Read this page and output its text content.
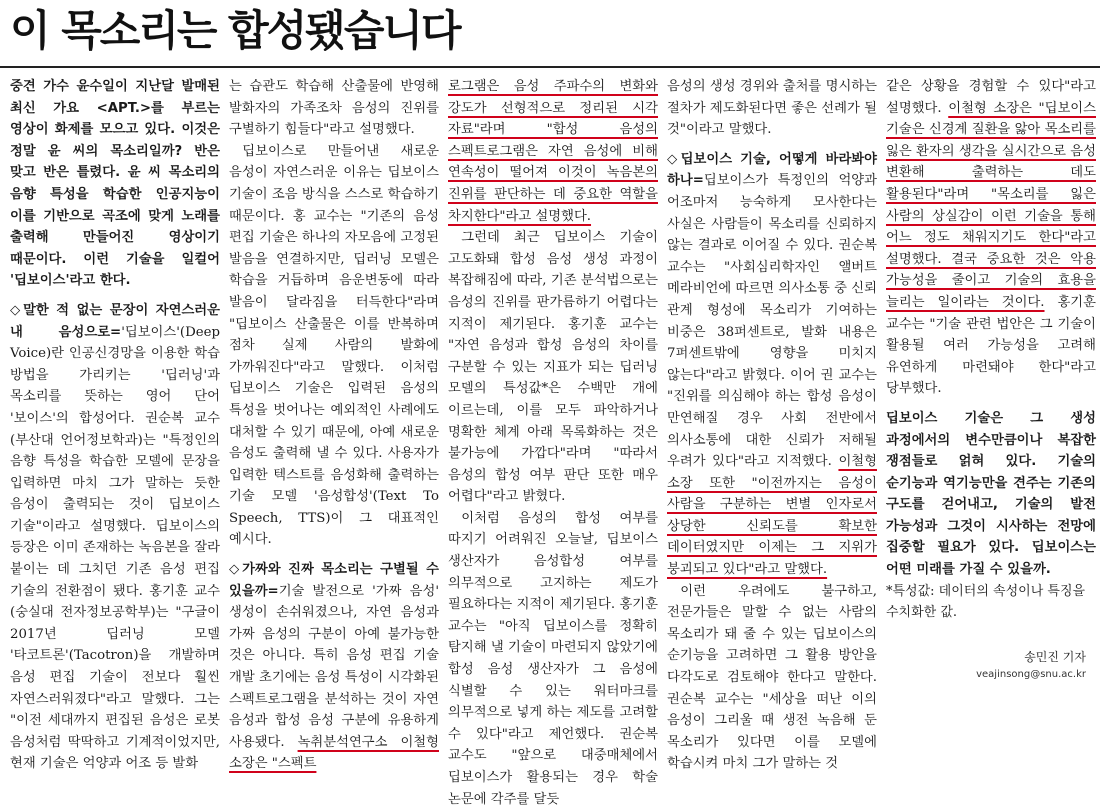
이 목소리는 합성됐습니다

중견 가수 윤수일이 지난달 발매된 최신 가요 <APT.>를 부르는 영상이 화제를 모으고 있다. 이것은 정말 윤 씨의 목소리일까? 반은 맞고 반은 틀렸다. 윤 씨 목소리의 음향 특성을 학습한 인공지능이 이를 기반으로 곡조에 맞게 노래를 출력해 만들어진 영상이기 때문이다. 이런 기술을 일컬어 '딥보이스'라고 한다.

◇말한 적 없는 문장이 자연스러운 내 음성으로='딥보이스'(Deep Voice)란 인공신경망을 이용한 학습 방법을 가리키는 '딥러닝'과 목소리를 뜻하는 영어 단어 '보이스'의 합성어다. 권순복 교수(부산대 언어정보학과)는 "특정인의 음향 특성을 학습한 모델에 문장을 입력하면 마치 그가 말하는 듯한 음성이 출력되는 것이 딥보이스 기술"이라고 설명했다. 딥보이스의 등장은 이미 존재하는 녹음본을 잘라 붙이는 데 그치던 기존 음성 편집 기술의 전환점이 됐다. 홍기훈 교수(숭실대 전자정보공학부)는 "구글이 2017년 딥러닝 모델 '타코트론'(Tacotron)을 개발하며 음성 편집 기술이 전보다 훨씬 자연스러워졌다"라고 말했다. 그는 "이전 세대까지 편집된 음성은 로봇 음성처럼 딱딱하고 기계적이었지만, 현재 기술은 억양과 어조 등 발화

는 습관도 학습해 산출물에 반영해 발화자의 가족조차 음성의 진위를 구별하기 힘들다"라고 설명했다.

딥보이스로 만들어낸 새로운 음성이 자연스러운 이유는 딥보이스 기술이 조음 방식을 스스로 학습하기 때문이다. 홍 교수는 "기존의 음성 편집 기술은 하나의 자모음에 고정된 발음을 연결하지만, 딥러닝 모델은 학습을 거듭하며 음운변동에 따라 발음이 달라짐을 터득한다"라며 "딥보이스 산출물은 이를 반복하며 점차 실제 사람의 발화에 가까워진다"라고 말했다. 이처럼 딥보이스 기술은 입력된 음성의 특성을 벗어나는 예외적인 사례에도 대처할 수 있기 때문에, 아예 새로운 음성도 출력해 낼 수 있다. 사용자가 입력한 텍스트를 음성화해 출력하는 기술 모델 '음성합성'(Text To Speech, TTS)이 그 대표적인 예시다.

◇가짜와 진짜 목소리는 구별될 수 있을까=기술 발전으로 '가짜 음성' 생성이 손쉬워졌으나, 자연 음성과 가짜 음성의 구분이 아예 불가능한 것은 아니다. 특히 음성 편집 기술 개발 초기에는 음성 특성이 시각화된 스펙트로그램을 분석하는 것이 자연 음성과 합성 음성 구분에 유용하게 사용됐다. 녹취분석연구소 이철형 소장은 "스펙트

로그램은 음성 주파수의 변화와 강도가 선형적으로 정리된 시각 자료"라며 "합성 음성의 스펙트로그램은 자연 음성에 비해 연속성이 떨어져 이것이 녹음본의 진위를 판단하는 데 중요한 역할을 차지한다"라고 설명했다.

그런데 최근 딥보이스 기술이 고도화돼 합성 음성 생성 과정이 복잡해짐에 따라, 기존 분석법으로는 음성의 진위를 판가름하기 어렵다는 지적이 제기된다. 홍기훈 교수는 "자연 음성과 합성 음성의 차이를 구분할 수 있는 지표가 되는 딥러닝 모델의 특성값*은 수백만 개에 이르는데, 이를 모두 파악하거나 명확한 체계 아래 목록화하는 것은 불가능에 가깝다"라며 "따라서 음성의 합성 여부 판단 또한 매우 어렵다"라고 밝혔다.

이처럼 음성의 합성 여부를 따지기 어려워진 오늘날, 딥보이스 생산자가 음성합성 여부를 의무적으로 고지하는 제도가 필요하다는 지적이 제기된다. 홍기훈 교수는 "아직 딥보이스를 정확히 탐지해 낼 기술이 마련되지 않았기에 합성 음성 생산자가 그 음성에 식별할 수 있는 워터마크를 의무적으로 넣게 하는 제도를 고려할 수 있다"라고 제언했다. 권순복 교수도 "앞으로 대중매체에서 딥보이스가 활용되는 경우 학술 논문에 각주를 달듯

음성의 생성 경위와 출처를 명시하는 절차가 제도화된다면 좋은 선례가 될 것"이라고 말했다.

◇딥보이스 기술, 어떻게 바라봐야 하나=딥보이스가 특정인의 억양과 어조마저 능숙하게 모사한다는 사실은 사람들이 목소리를 신뢰하지 않는 결과로 이어질 수 있다. 권순복 교수는 "사회심리학자인 앨버트 메라비언에 따르면 의사소통 중 신뢰 관계 형성에 목소리가 기여하는 비중은 38퍼센트로, 발화 내용은 7퍼센트밖에 영향을 미치지 않는다"라고 밝혔다. 이어 권 교수는 "진위를 의심해야 하는 합성 음성이 만연해질 경우 사회 전반에서 의사소통에 대한 신뢰가 저해될 우려가 있다"라고 지적했다. 이철형 소장 또한 "이전까지는 음성이 사람을 구분하는 변별 인자로서 상당한 신뢰도를 확보한 데이터였지만 이제는 그 지위가 붕괴되고 있다"라고 말했다.

이런 우려에도 불구하고, 전문가들은 말할 수 없는 사람의 목소리가 돼 줄 수 있는 딥보이스의 순기능을 고려하면 그 활용 방안을 다각도로 검토해야 한다고 말한다. 권순복 교수는 "세상을 떠난 이의 음성이 그리울 때 생전 녹음해 둔 목소리가 있다면 이를 모델에 학습시켜 마치 그가 말하는 것

같은 상황을 경험할 수 있다"라고 설명했다. 이철형 소장은 "딥보이스 기술은 신경계 질환을 앓아 목소리를 잃은 환자의 생각을 실시간으로 음성 변환해 출력하는 데도 활용된다"라며 "목소리를 잃은 사람의 상실감이 이런 기술을 통해 어느 정도 채워지기도 한다"라고 설명했다. 결국 중요한 것은 악용 가능성을 줄이고 기술의 효용을 늘리는 일이라는 것이다. 홍기훈 교수는 "기술 관련 법안은 그 기술이 활용될 여러 가능성을 고려해 유연하게 마련돼야 한다"라고 당부했다.

딥보이스 기술은 그 생성 과정에서의 변수만큼이나 복잡한 쟁점들로 얽혀 있다. 기술의 순기능과 역기능만을 견주는 기존의 구도를 걷어내고, 기술의 발전 가능성과 그것이 시사하는 전망에 집중할 필요가 있다. 딥보이스는 어떤 미래를 가질 수 있을까.

*특성값: 데이터의 속성이나 특징을 수치화한 값.

송민진 기자
veajinsong@snu.ac.kr
